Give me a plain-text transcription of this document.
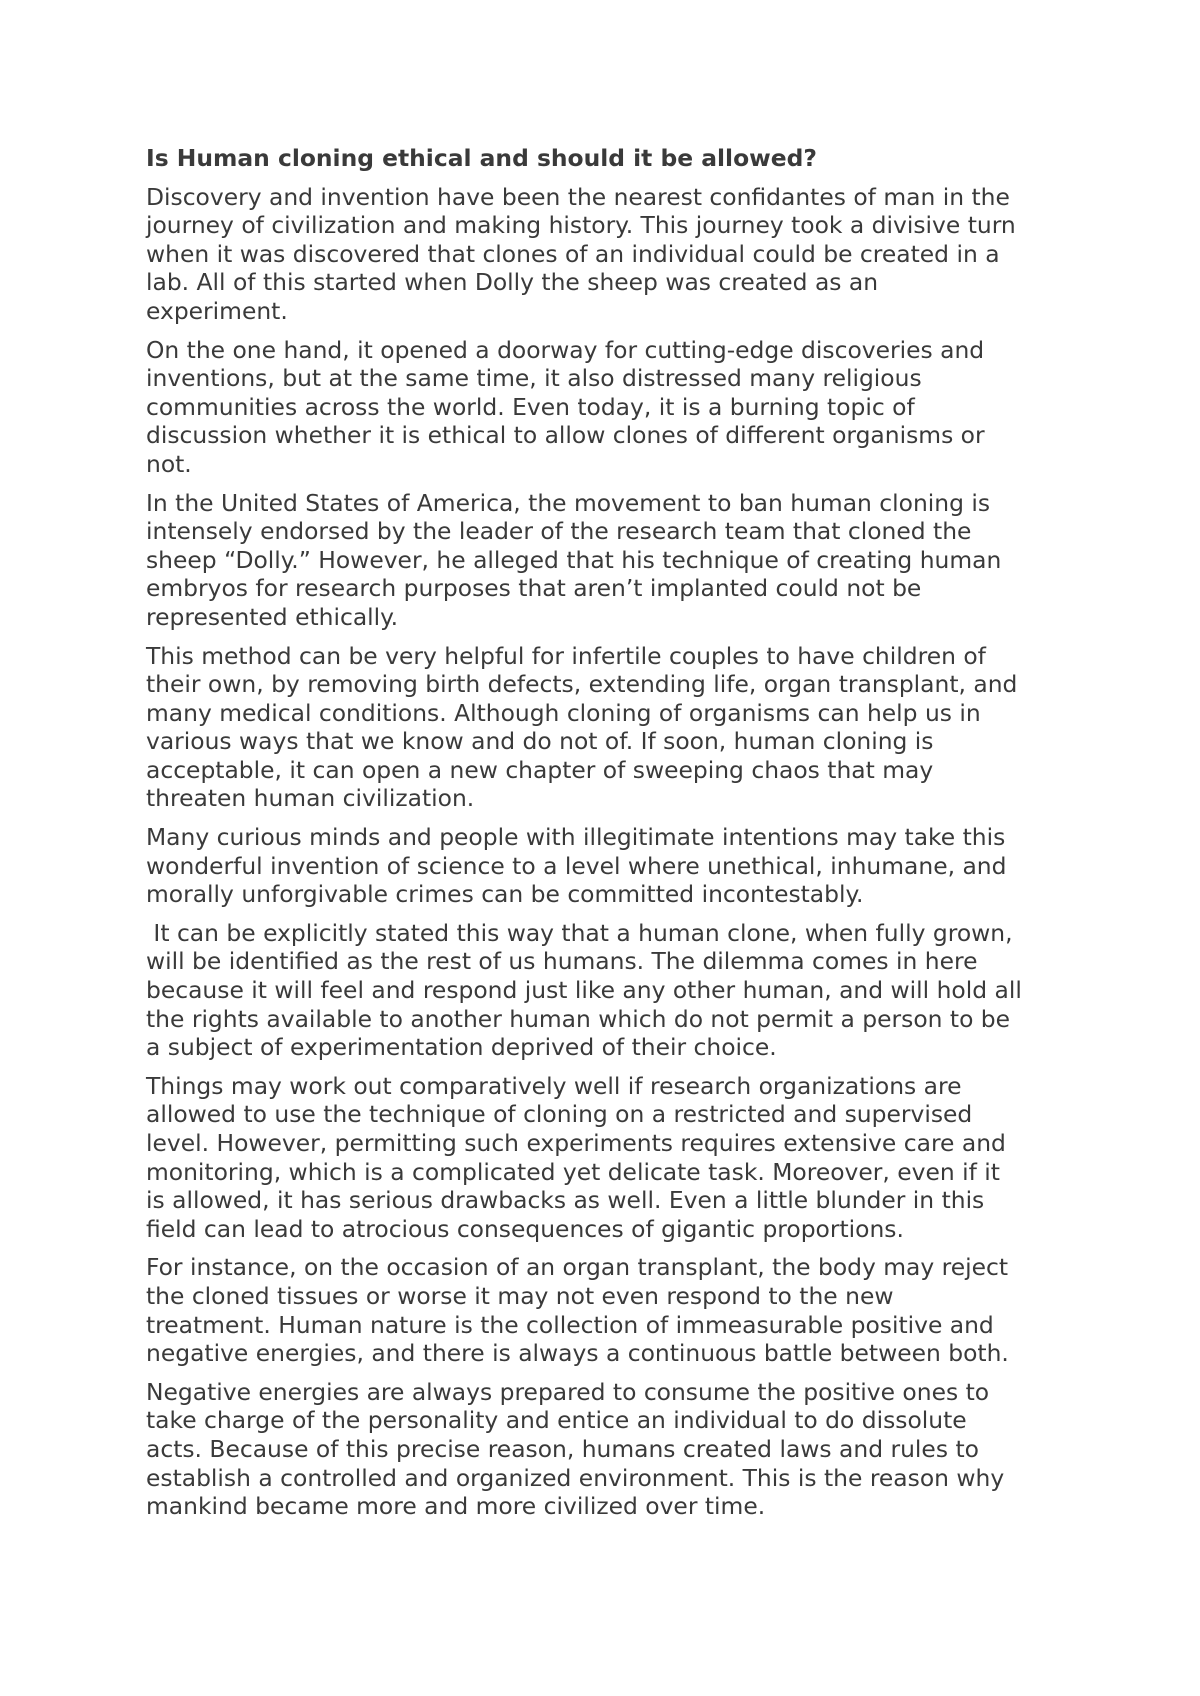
Is Human cloning ethical and should it be allowed?
Discovery and invention have been the nearest confidantes of man in the
journey of civilization and making history. This journey took a divisive turn
when it was discovered that clones of an individual could be created in a
lab. All of this started when Dolly the sheep was created as an
experiment.
On the one hand, it opened a doorway for cutting-edge discoveries and
inventions, but at the same time, it also distressed many religious
communities across the world. Even today, it is a burning topic of
discussion whether it is ethical to allow clones of different organisms or
not.
In the United States of America, the movement to ban human cloning is
intensely endorsed by the leader of the research team that cloned the
sheep “Dolly.” However, he alleged that his technique of creating human
embryos for research purposes that aren’t implanted could not be
represented ethically.
This method can be very helpful for infertile couples to have children of
their own, by removing birth defects, extending life, organ transplant, and
many medical conditions. Although cloning of organisms can help us in
various ways that we know and do not of. If soon, human cloning is
acceptable, it can open a new chapter of sweeping chaos that may
threaten human civilization.
Many curious minds and people with illegitimate intentions may take this
wonderful invention of science to a level where unethical, inhumane, and
morally unforgivable crimes can be committed incontestably.
It can be explicitly stated this way that a human clone, when fully grown,
will be identified as the rest of us humans. The dilemma comes in here
because it will feel and respond just like any other human, and will hold all
the rights available to another human which do not permit a person to be
a subject of experimentation deprived of their choice.
Things may work out comparatively well if research organizations are
allowed to use the technique of cloning on a restricted and supervised
level. However, permitting such experiments requires extensive care and
monitoring, which is a complicated yet delicate task. Moreover, even if it
is allowed, it has serious drawbacks as well. Even a little blunder in this
field can lead to atrocious consequences of gigantic proportions.
For instance, on the occasion of an organ transplant, the body may reject
the cloned tissues or worse it may not even respond to the new
treatment. Human nature is the collection of immeasurable positive and
negative energies, and there is always a continuous battle between both.
Negative energies are always prepared to consume the positive ones to
take charge of the personality and entice an individual to do dissolute
acts. Because of this precise reason, humans created laws and rules to
establish a controlled and organized environment. This is the reason why
mankind became more and more civilized over time.
